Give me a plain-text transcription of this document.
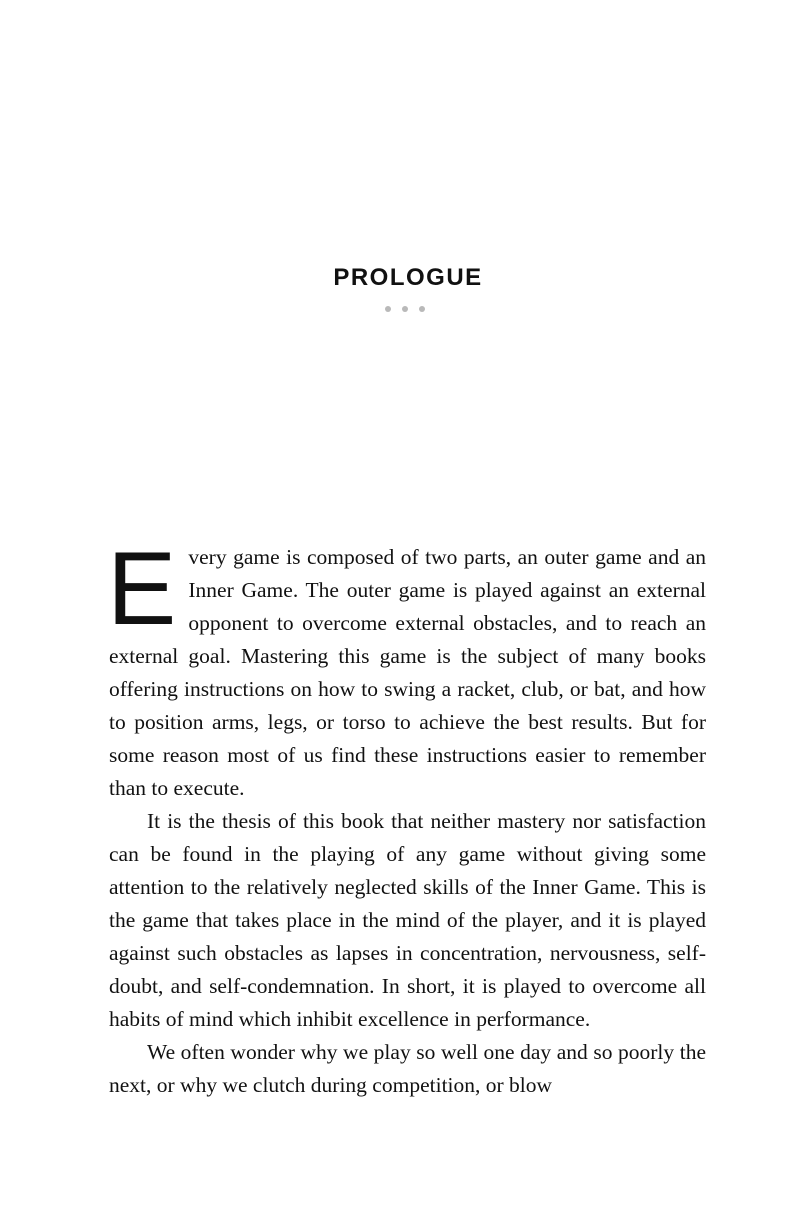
PROLOGUE

Every game is composed of two parts, an outer game and an Inner Game. The outer game is played against an external opponent to overcome external obstacles, and to reach an external goal. Mastering this game is the subject of many books offering instructions on how to swing a racket, club, or bat, and how to position arms, legs, or torso to achieve the best results. But for some reason most of us find these instructions easier to remember than to execute.

It is the thesis of this book that neither mastery nor satisfaction can be found in the playing of any game without giving some attention to the relatively neglected skills of the Inner Game. This is the game that takes place in the mind of the player, and it is played against such obstacles as lapses in concentration, nervousness, self-doubt, and self-condemnation. In short, it is played to overcome all habits of mind which inhibit excellence in performance.

We often wonder why we play so well one day and so poorly the next, or why we clutch during competition, or blow
